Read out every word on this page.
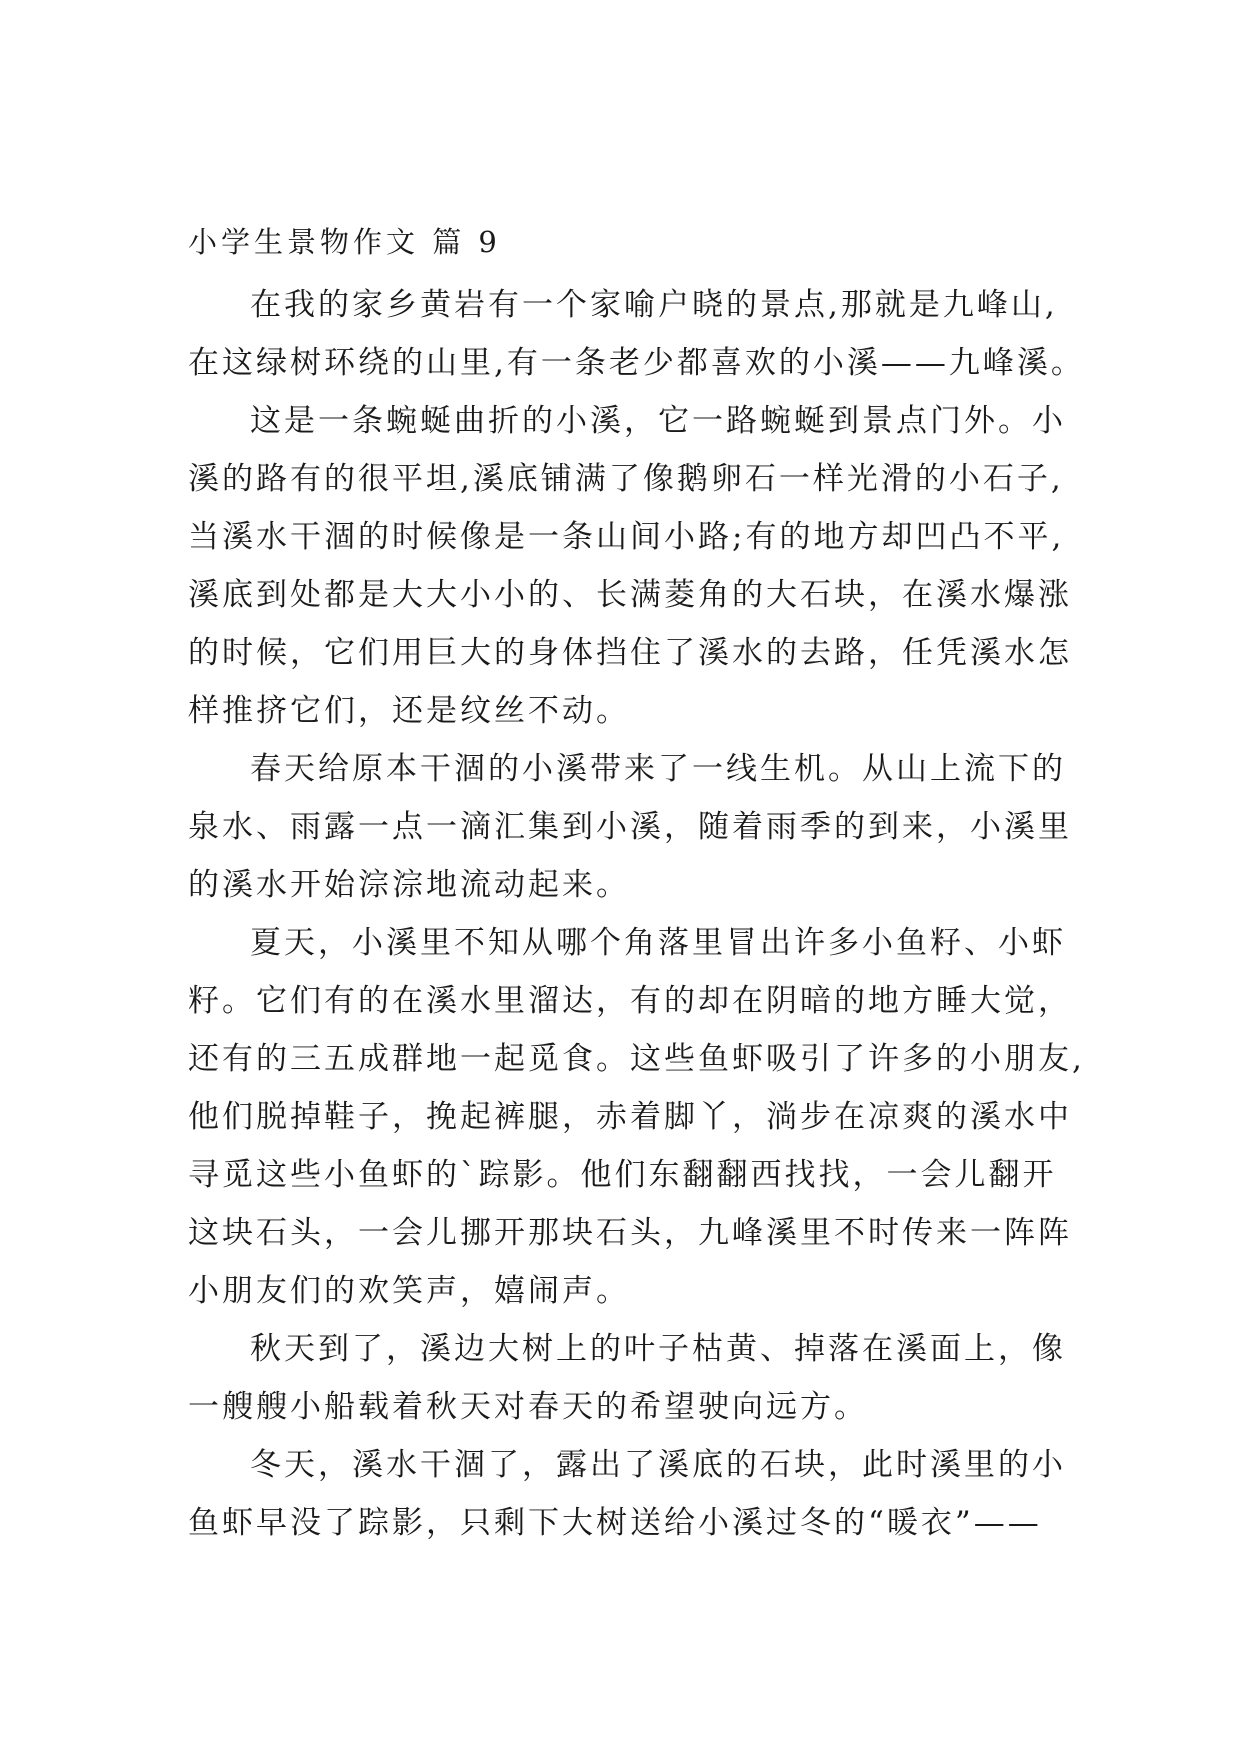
小学生景物作文 篇 9
在我的家乡黄岩有一个家喻户晓的景点,那就是九峰山,
在这绿树环绕的山里,有一条老少都喜欢的小溪——九峰溪。
这是一条蜿蜒曲折的小溪，它一路蜿蜒到景点门外。小
溪的路有的很平坦,溪底铺满了像鹅卵石一样光滑的小石子,
当溪水干涸的时候像是一条山间小路;有的地方却凹凸不平,
溪底到处都是大大小小的、长满菱角的大石块，在溪水爆涨
的时候，它们用巨大的身体挡住了溪水的去路，任凭溪水怎
样推挤它们，还是纹丝不动。
春天给原本干涸的小溪带来了一线生机。从山上流下的
泉水、雨露一点一滴汇集到小溪，随着雨季的到来，小溪里
的溪水开始淙淙地流动起来。
夏天，小溪里不知从哪个角落里冒出许多小鱼籽、小虾
籽。它们有的在溪水里溜达，有的却在阴暗的地方睡大觉，
还有的三五成群地一起觅食。这些鱼虾吸引了许多的小朋友,
他们脱掉鞋子，挽起裤腿，赤着脚丫，淌步在凉爽的溪水中
寻觅这些小鱼虾的`踪影。他们东翻翻西找找，一会儿翻开
这块石头，一会儿挪开那块石头，九峰溪里不时传来一阵阵
小朋友们的欢笑声，嬉闹声。
秋天到了，溪边大树上的叶子枯黄、掉落在溪面上，像
一艘艘小船载着秋天对春天的希望驶向远方。
冬天，溪水干涸了，露出了溪底的石块，此时溪里的小
鱼虾早没了踪影，只剩下大树送给小溪过冬的“暖衣”——
